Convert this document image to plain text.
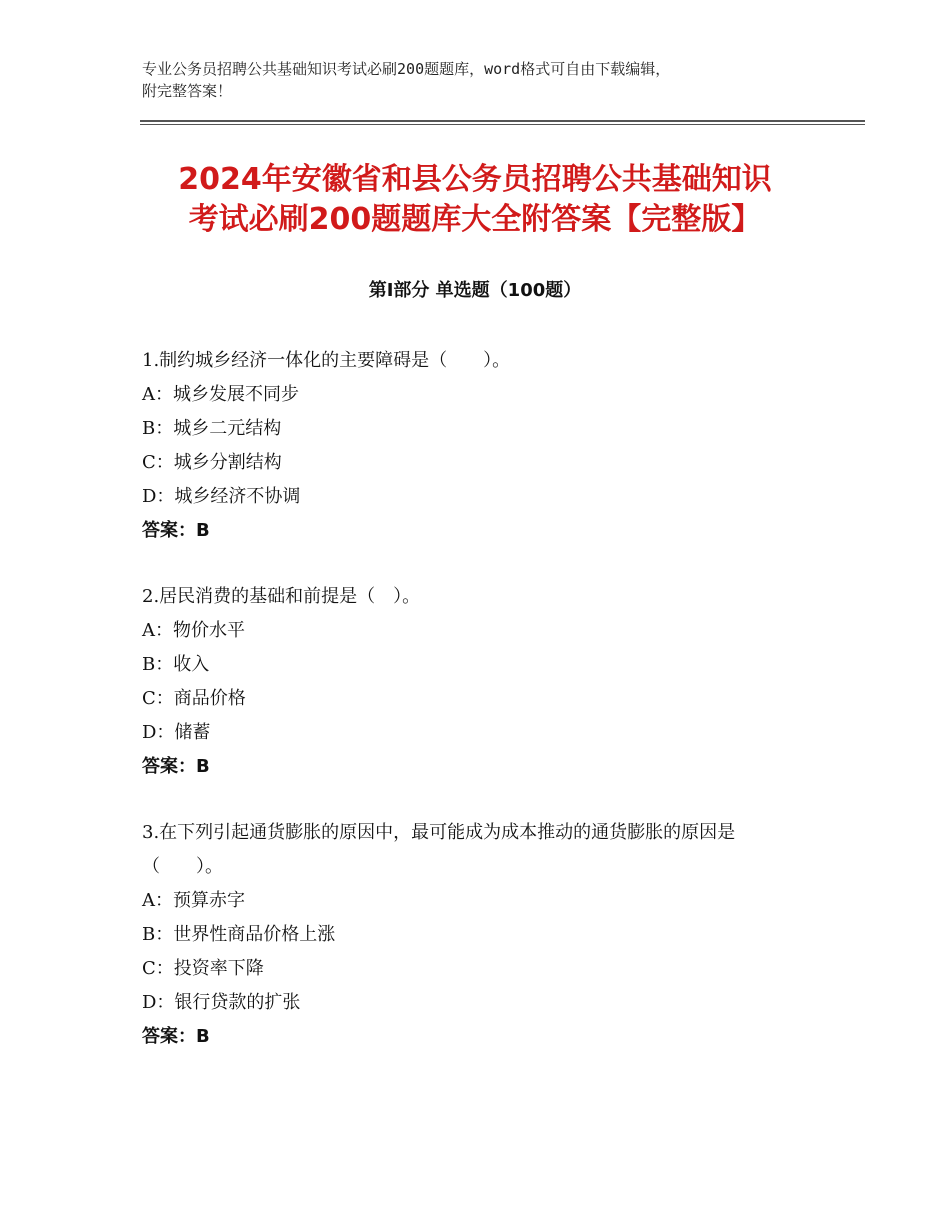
专业公务员招聘公共基础知识考试必刷200题题库，word格式可自由下载编辑，
附完整答案！
2024年安徽省和县公务员招聘公共基础知识
考试必刷200题题库大全附答案【完整版】
第I部分 单选题（100题）
1.制约城乡经济一体化的主要障碍是（　　）。
A：城乡发展不同步
B：城乡二元结构
C：城乡分割结构
D：城乡经济不协调
答案：B
2.居民消费的基础和前提是（　）。
A：物价水平
B：收入
C：商品价格
D：储蓄
答案：B
3.在下列引起通货膨胀的原因中，最可能成为成本推动的通货膨胀的原因是（　　）。
A：预算赤字
B：世界性商品价格上涨
C：投资率下降
D：银行贷款的扩张
答案：B
